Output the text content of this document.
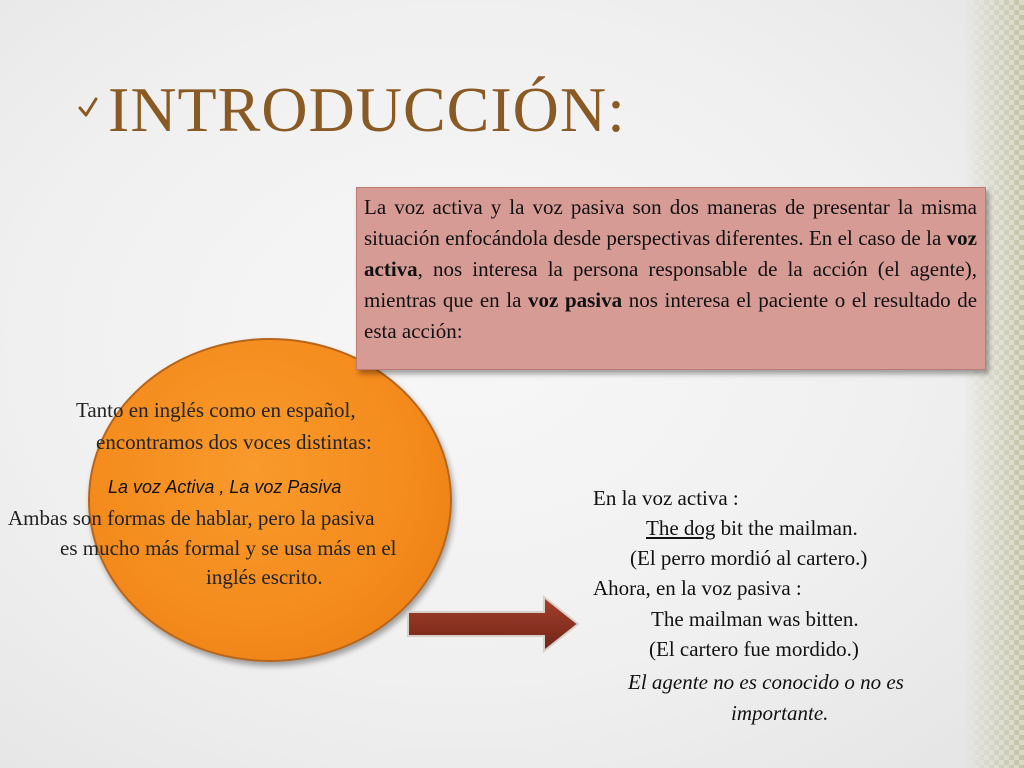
INTRODUCCIÓN:

La voz activa y la voz pasiva son dos maneras de presentar la misma situación enfocándola desde perspectivas diferentes. En el caso de la voz activa, nos interesa la persona responsable de la acción (el agente), mientras que en la voz pasiva nos interesa el paciente o el resultado de esta acción:

Tanto en inglés como en español,
encontramos dos voces distintas:

La voz Activa , La voz Pasiva

Ambas son formas de hablar, pero la pasiva
es mucho más formal y se usa más en el
inglés escrito.
En la voz activa :
The dog bit the mailman.
(El perro mordió al cartero.)
Ahora, en la voz pasiva :
The mailman was bitten.
(El cartero fue mordido.)
El agente no es conocido o no es
importante.
